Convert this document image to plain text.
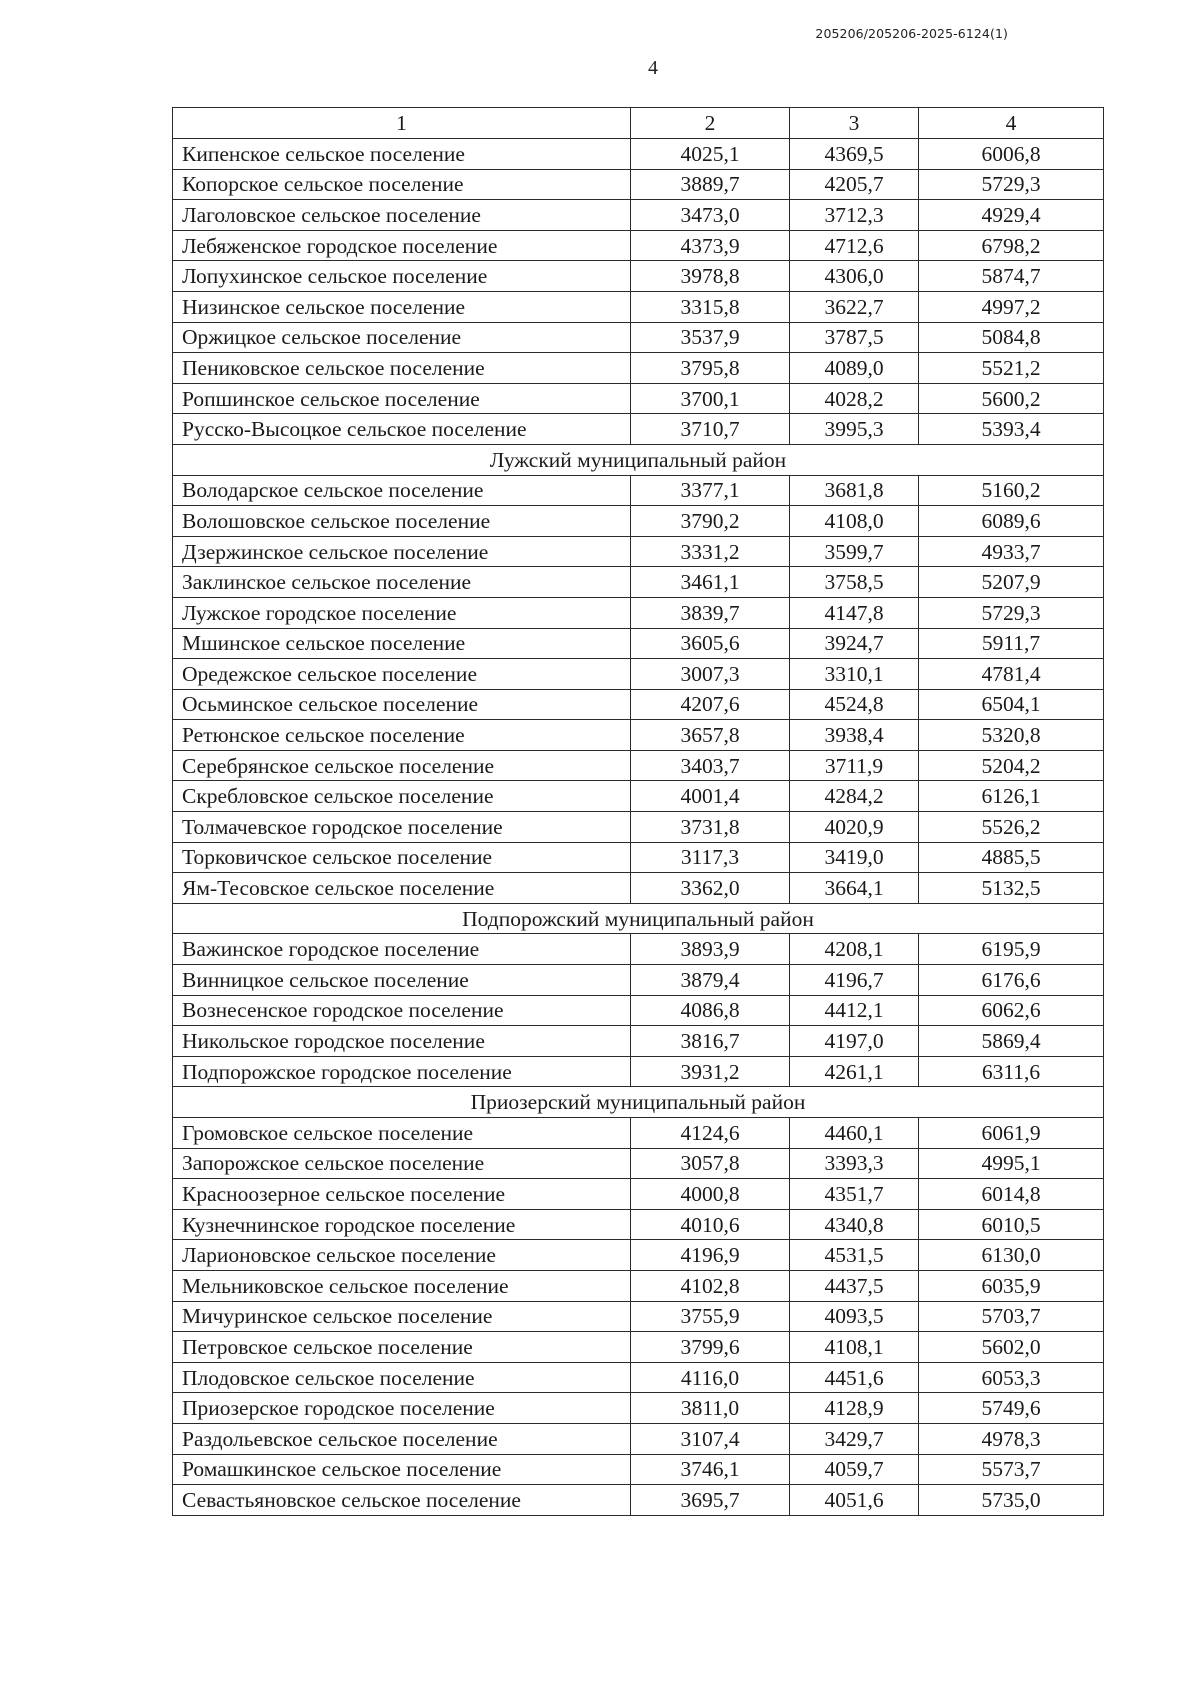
205206/205206-2025-6124(1)
4
1	2	3	4
Кипенское сельское поселение	4025,1	4369,5	6006,8
Копорское сельское поселение	3889,7	4205,7	5729,3
Лаголовское сельское поселение	3473,0	3712,3	4929,4
Лебяженское городское поселение	4373,9	4712,6	6798,2
Лопухинское сельское поселение	3978,8	4306,0	5874,7
Низинское сельское поселение	3315,8	3622,7	4997,2
Оржицкое сельское поселение	3537,9	3787,5	5084,8
Пениковское сельское поселение	3795,8	4089,0	5521,2
Ропшинское сельское поселение	3700,1	4028,2	5600,2
Русско-Высоцкое сельское поселение	3710,7	3995,3	5393,4
Лужский муниципальный район			
Володарское сельское поселение	3377,1	3681,8	5160,2
Волошовское сельское поселение	3790,2	4108,0	6089,6
Дзержинское сельское поселение	3331,2	3599,7	4933,7
Заклинское сельское поселение	3461,1	3758,5	5207,9
Лужское городское поселение	3839,7	4147,8	5729,3
Мшинское сельское поселение	3605,6	3924,7	5911,7
Оредежское сельское поселение	3007,3	3310,1	4781,4
Осьминское сельское поселение	4207,6	4524,8	6504,1
Ретюнское сельское поселение	3657,8	3938,4	5320,8
Серебрянское сельское поселение	3403,7	3711,9	5204,2
Скребловское сельское поселение	4001,4	4284,2	6126,1
Толмачевское городское поселение	3731,8	4020,9	5526,2
Торковичское сельское поселение	3117,3	3419,0	4885,5
Ям-Тесовское сельское поселение	3362,0	3664,1	5132,5
Подпорожский муниципальный район			
Важинское городское поселение	3893,9	4208,1	6195,9
Винницкое сельское поселение	3879,4	4196,7	6176,6
Вознесенское городское поселение	4086,8	4412,1	6062,6
Никольское городское поселение	3816,7	4197,0	5869,4
Подпорожское городское поселение	3931,2	4261,1	6311,6
Приозерский муниципальный район			
Громовское сельское поселение	4124,6	4460,1	6061,9
Запорожское сельское поселение	3057,8	3393,3	4995,1
Красноозерное сельское поселение	4000,8	4351,7	6014,8
Кузнечнинское городское поселение	4010,6	4340,8	6010,5
Ларионовское сельское поселение	4196,9	4531,5	6130,0
Мельниковское сельское поселение	4102,8	4437,5	6035,9
Мичуринское сельское поселение	3755,9	4093,5	5703,7
Петровское сельское поселение	3799,6	4108,1	5602,0
Плодовское сельское поселение	4116,0	4451,6	6053,3
Приозерское городское поселение	3811,0	4128,9	5749,6
Раздольевское сельское поселение	3107,4	3429,7	4978,3
Ромашкинское сельское поселение	3746,1	4059,7	5573,7
Севастьяновское сельское поселение	3695,7	4051,6	5735,0
